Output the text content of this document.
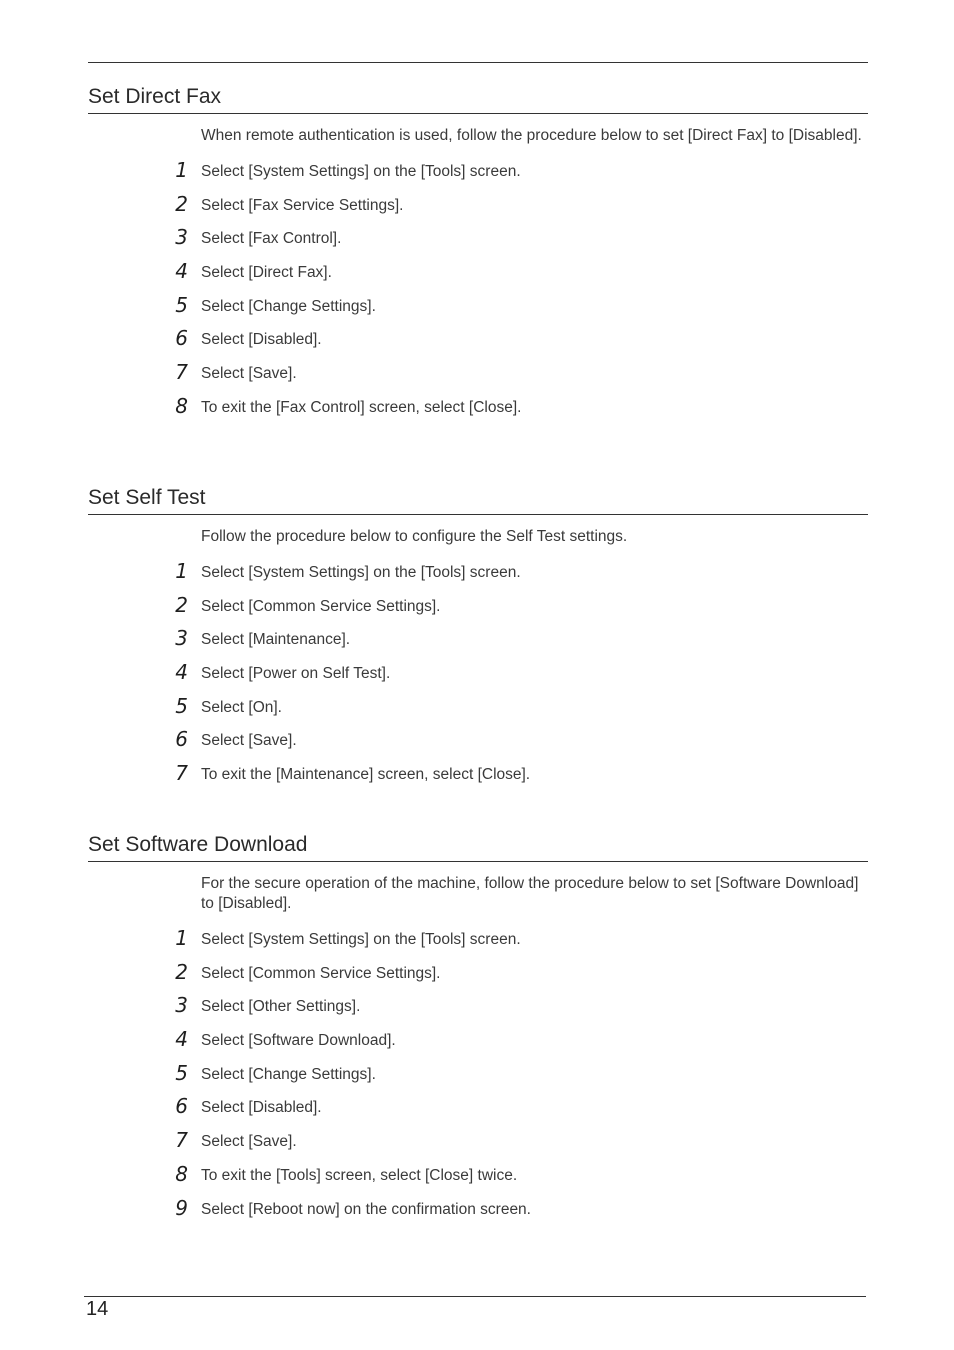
Set Direct Fax

When remote authentication is used, follow the procedure below to set [Direct Fax] to [Disabled].

1 Select [System Settings] on the [Tools] screen.
2 Select [Fax Service Settings].
3 Select [Fax Control].
4 Select [Direct Fax].
5 Select [Change Settings].
6 Select [Disabled].
7 Select [Save].
8 To exit the [Fax Control] screen, select [Close].
Set Self Test

Follow the procedure below to configure the Self Test settings.

1 Select [System Settings] on the [Tools] screen.
2 Select [Common Service Settings].
3 Select [Maintenance].
4 Select [Power on Self Test].
5 Select [On].
6 Select [Save].
7 To exit the [Maintenance] screen, select [Close].
Set Software Download

For the secure operation of the machine, follow the procedure below to set [Software Download] to [Disabled].

1 Select [System Settings] on the [Tools] screen.
2 Select [Common Service Settings].
3 Select [Other Settings].
4 Select [Software Download].
5 Select [Change Settings].
6 Select [Disabled].
7 Select [Save].
8 To exit the [Tools] screen, select [Close] twice.
9 Select [Reboot now] on the confirmation screen.
14
